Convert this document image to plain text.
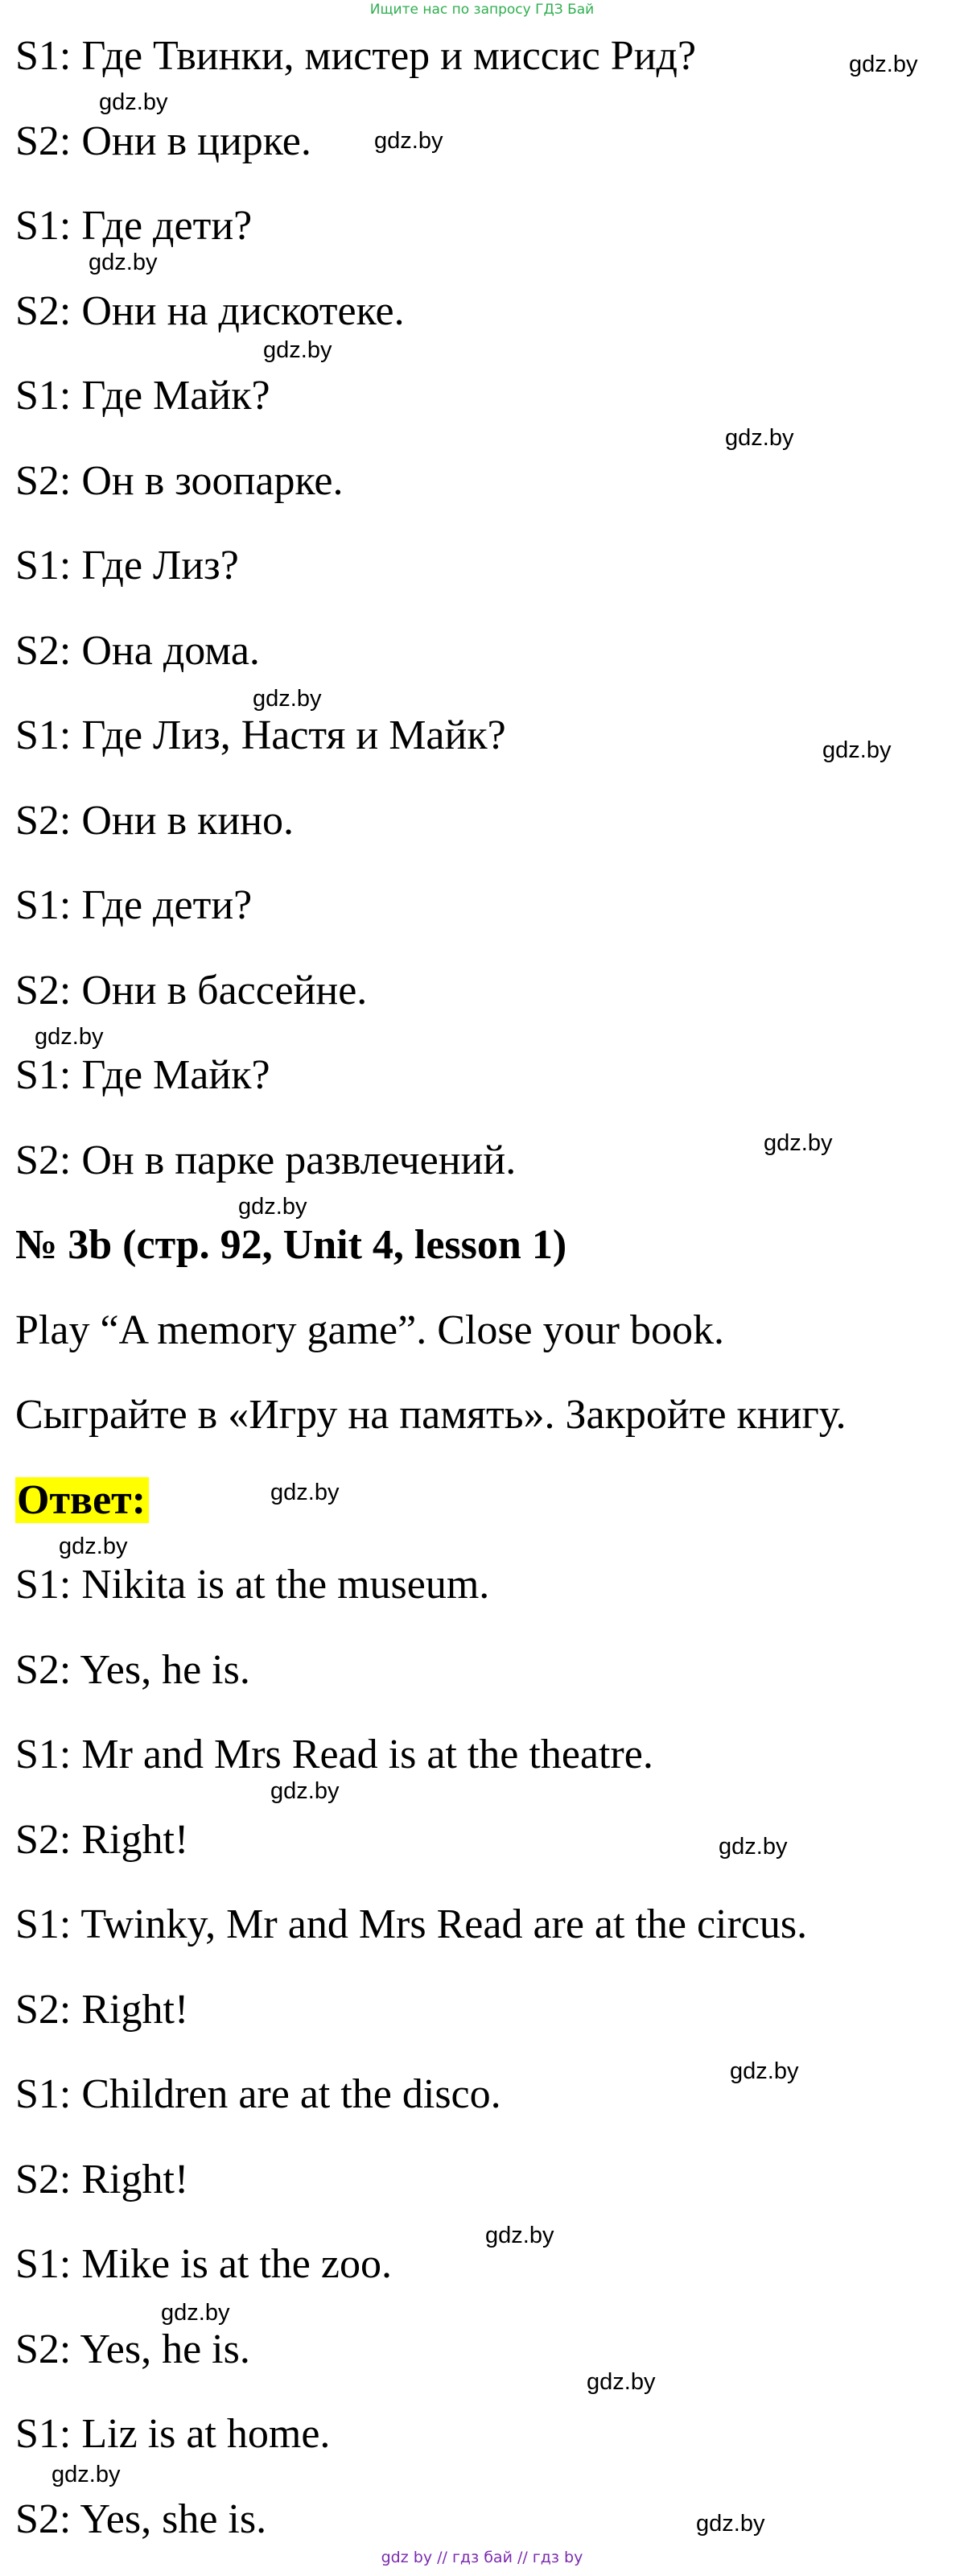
Ищите нас по запросу ГДЗ Бай
S1: Где Твинки, мистер и миссис Рид?
S2: Они в цирке.
S1: Где дети?
S2: Они на дискотеке.
S1: Где Майк?
S2: Он в зоопарке.
S1: Где Лиз?
S2: Она дома.
S1: Где Лиз, Настя и Майк?
S2: Они в кино.
S1: Где дети?
S2: Они в бассейне.
S1: Где Майк?
S2: Он в парке развлечений.
№ 3b (стр. 92, Unit 4, lesson 1)
Play “A memory game”. Close your book.
Сыграйте в «Игру на память». Закройте книгу.
Ответ:
S1: Nikita is at the museum.
S2: Yes, he is.
S1: Mr and Mrs Read is at the theatre.
S2: Right!
S1: Twinky, Mr and Mrs Read are at the circus.
S2: Right!
S1: Children are at the disco.
S2: Right!
S1: Mike is at the zoo.
S2: Yes, he is.
S1: Liz is at home.
S2: Yes, she is.
gdz.by
gdz.by
gdz.by
gdz.by
gdz.by
gdz.by
gdz.by
gdz.by
gdz.by
gdz.by
gdz.by
gdz.by
gdz.by
gdz.by
gdz.by
gdz.by
gdz.by
gdz.by
gdz.by
gdz.by
gdz.by
gdz by // гдз бай // гдз by
